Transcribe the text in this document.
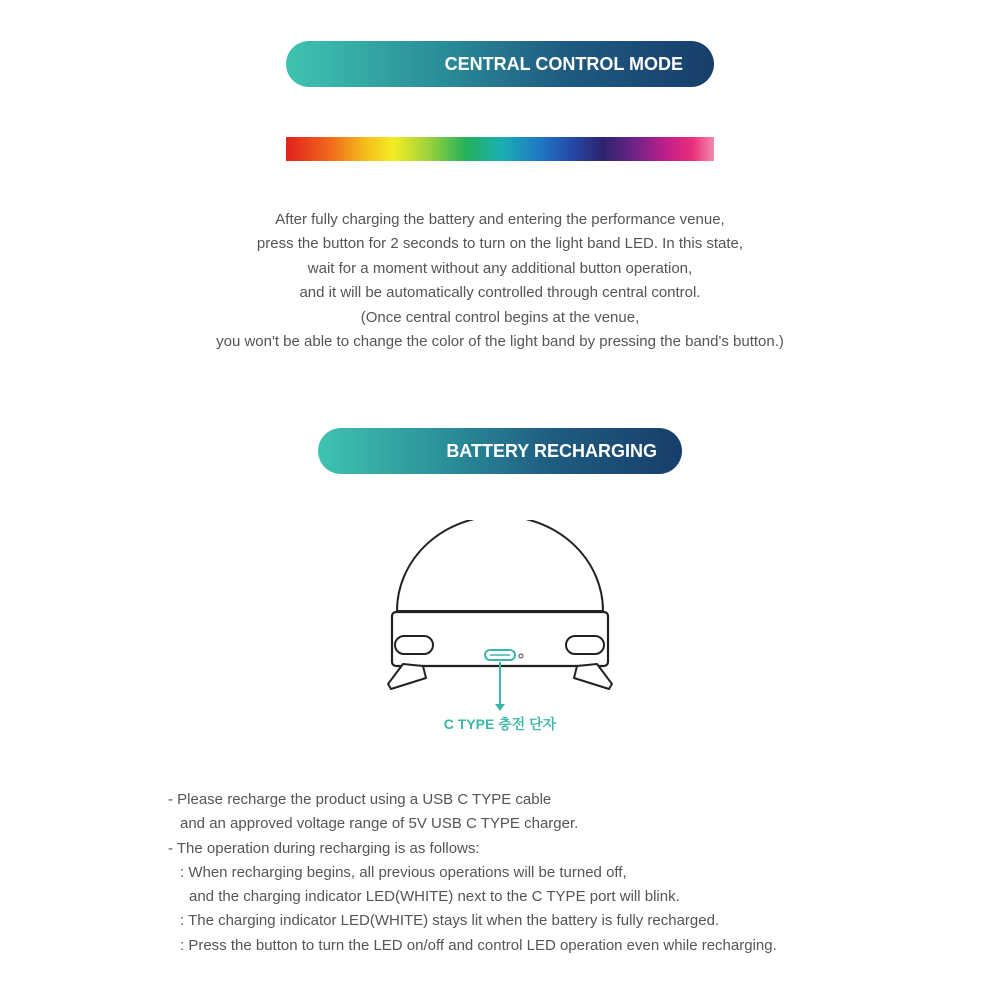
CENTRAL CONTROL MODE
After fully charging the battery and entering the performance venue,
press the button for 2 seconds to turn on the light band LED. In this state,
wait for a moment without any additional button operation,
and it will be automatically controlled through central control.
(Once central control begins at the venue,
you won't be able to change the color of the light band by pressing the band's button.)
BATTERY RECHARGING
C TYPE 충전 단자
- Please recharge the product using a USB C TYPE cable
and an approved voltage range of 5V USB C TYPE charger.
- The operation during recharging is as follows:
: When recharging begins, all previous operations will be turned off,
and the charging indicator LED(WHITE) next to the C TYPE port will blink.
: The charging indicator LED(WHITE) stays lit when the battery is fully recharged.
: Press the button to turn the LED on/off and control LED operation even while recharging.
